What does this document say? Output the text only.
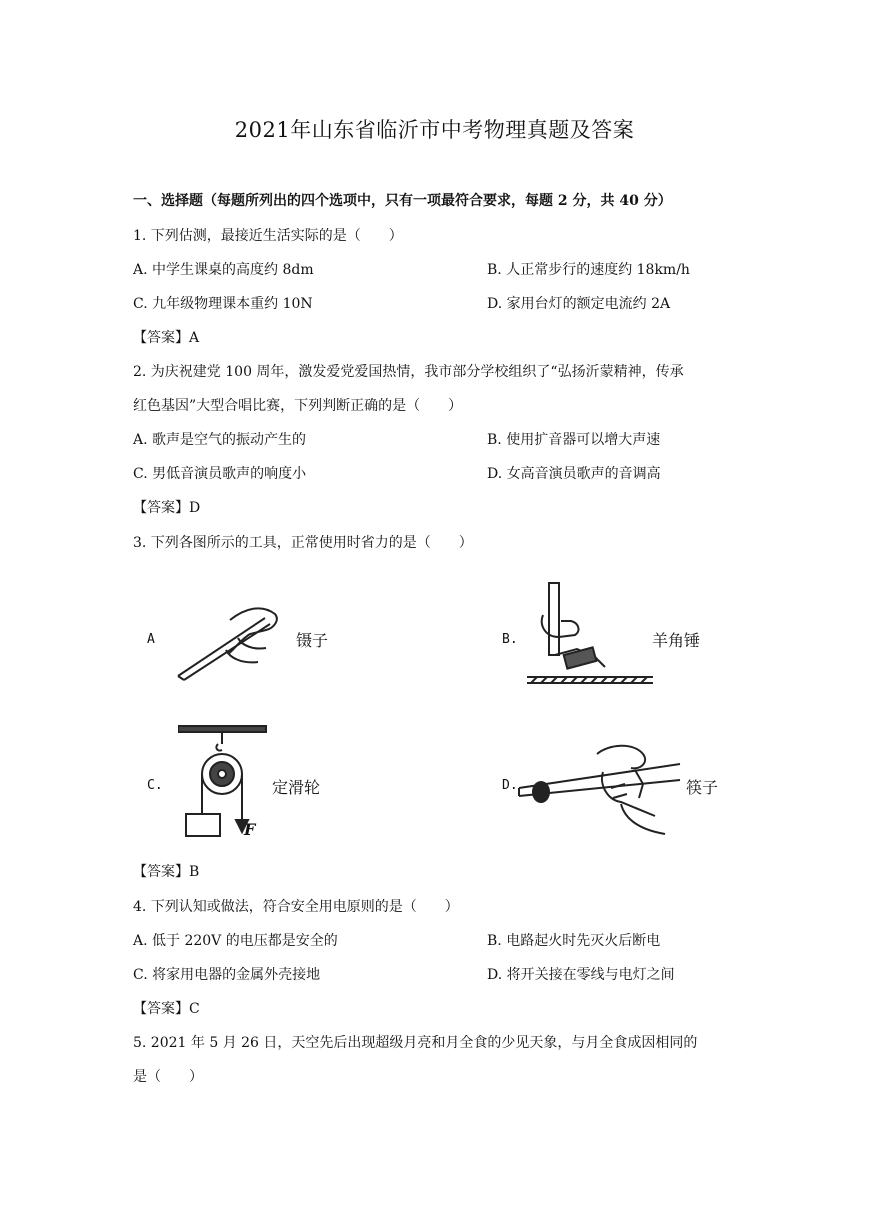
2021年山东省临沂市中考物理真题及答案
一、选择题（每题所列出的四个选项中，只有一项最符合要求，每题 2 分，共 40 分）
1. 下列估测，最接近生活实际的是（　　）
A. 中学生课桌的高度约 8dm	B. 人正常步行的速度约 18km/h
C. 九年级物理课本重约 10N	D. 家用台灯的额定电流约 2A
【答案】A
2. 为庆祝建党 100 周年，激发爱党爱国热情，我市部分学校组织了“弘扬沂蒙精神，传承
红色基因”大型合唱比赛，下列判断正确的是（　　）
A. 歌声是空气的振动产生的	B. 使用扩音器可以增大声速
C. 男低音演员歌声的响度小	D. 女高音演员歌声的音调高
【答案】D
3. 下列各图所示的工具，正常使用时省力的是（　　）
A	镊子	B.	羊角锤
F
C.	定滑轮	D.	筷子
【答案】B
4. 下列认知或做法，符合安全用电原则的是（　　）
A. 低于 220V 的电压都是安全的	B. 电路起火时先灭火后断电
C. 将家用电器的金属外壳接地	D. 将开关接在零线与电灯之间
【答案】C
5. 2021 年 5 月 26 日，天空先后出现超级月亮和月全食的少见天象，与月全食成因相同的
是（　　）
